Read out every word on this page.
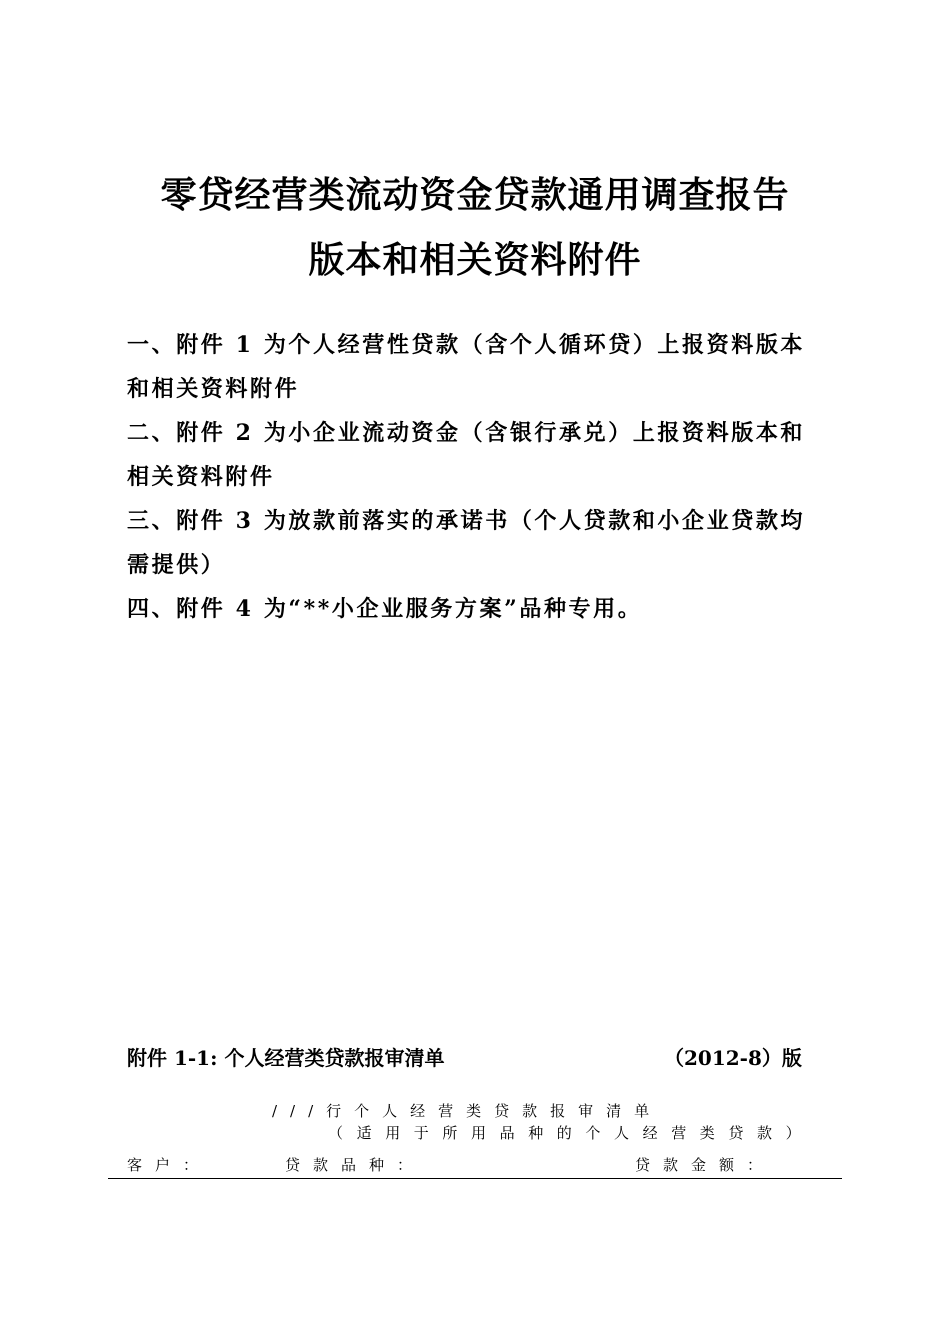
零贷经营类流动资金贷款通用调查报告
版本和相关资料附件
一、附件 1 为个人经营性贷款（含个人循环贷）上报资料版本
和相关资料附件
二、附件 2 为小企业流动资金（含银行承兑）上报资料版本和
相关资料附件
三、附件 3 为放款前落实的承诺书（个人贷款和小企业贷款均
需提供）
四、附件 4 为“**小企业服务方案”品种专用。
附件 1-1: 个人经营类贷款报审清单	（2012-8）版
///行个人经营类贷款报审清单
（适用于所用品种的个人经营类贷款）
客户：	贷款品种：	贷款金额：
